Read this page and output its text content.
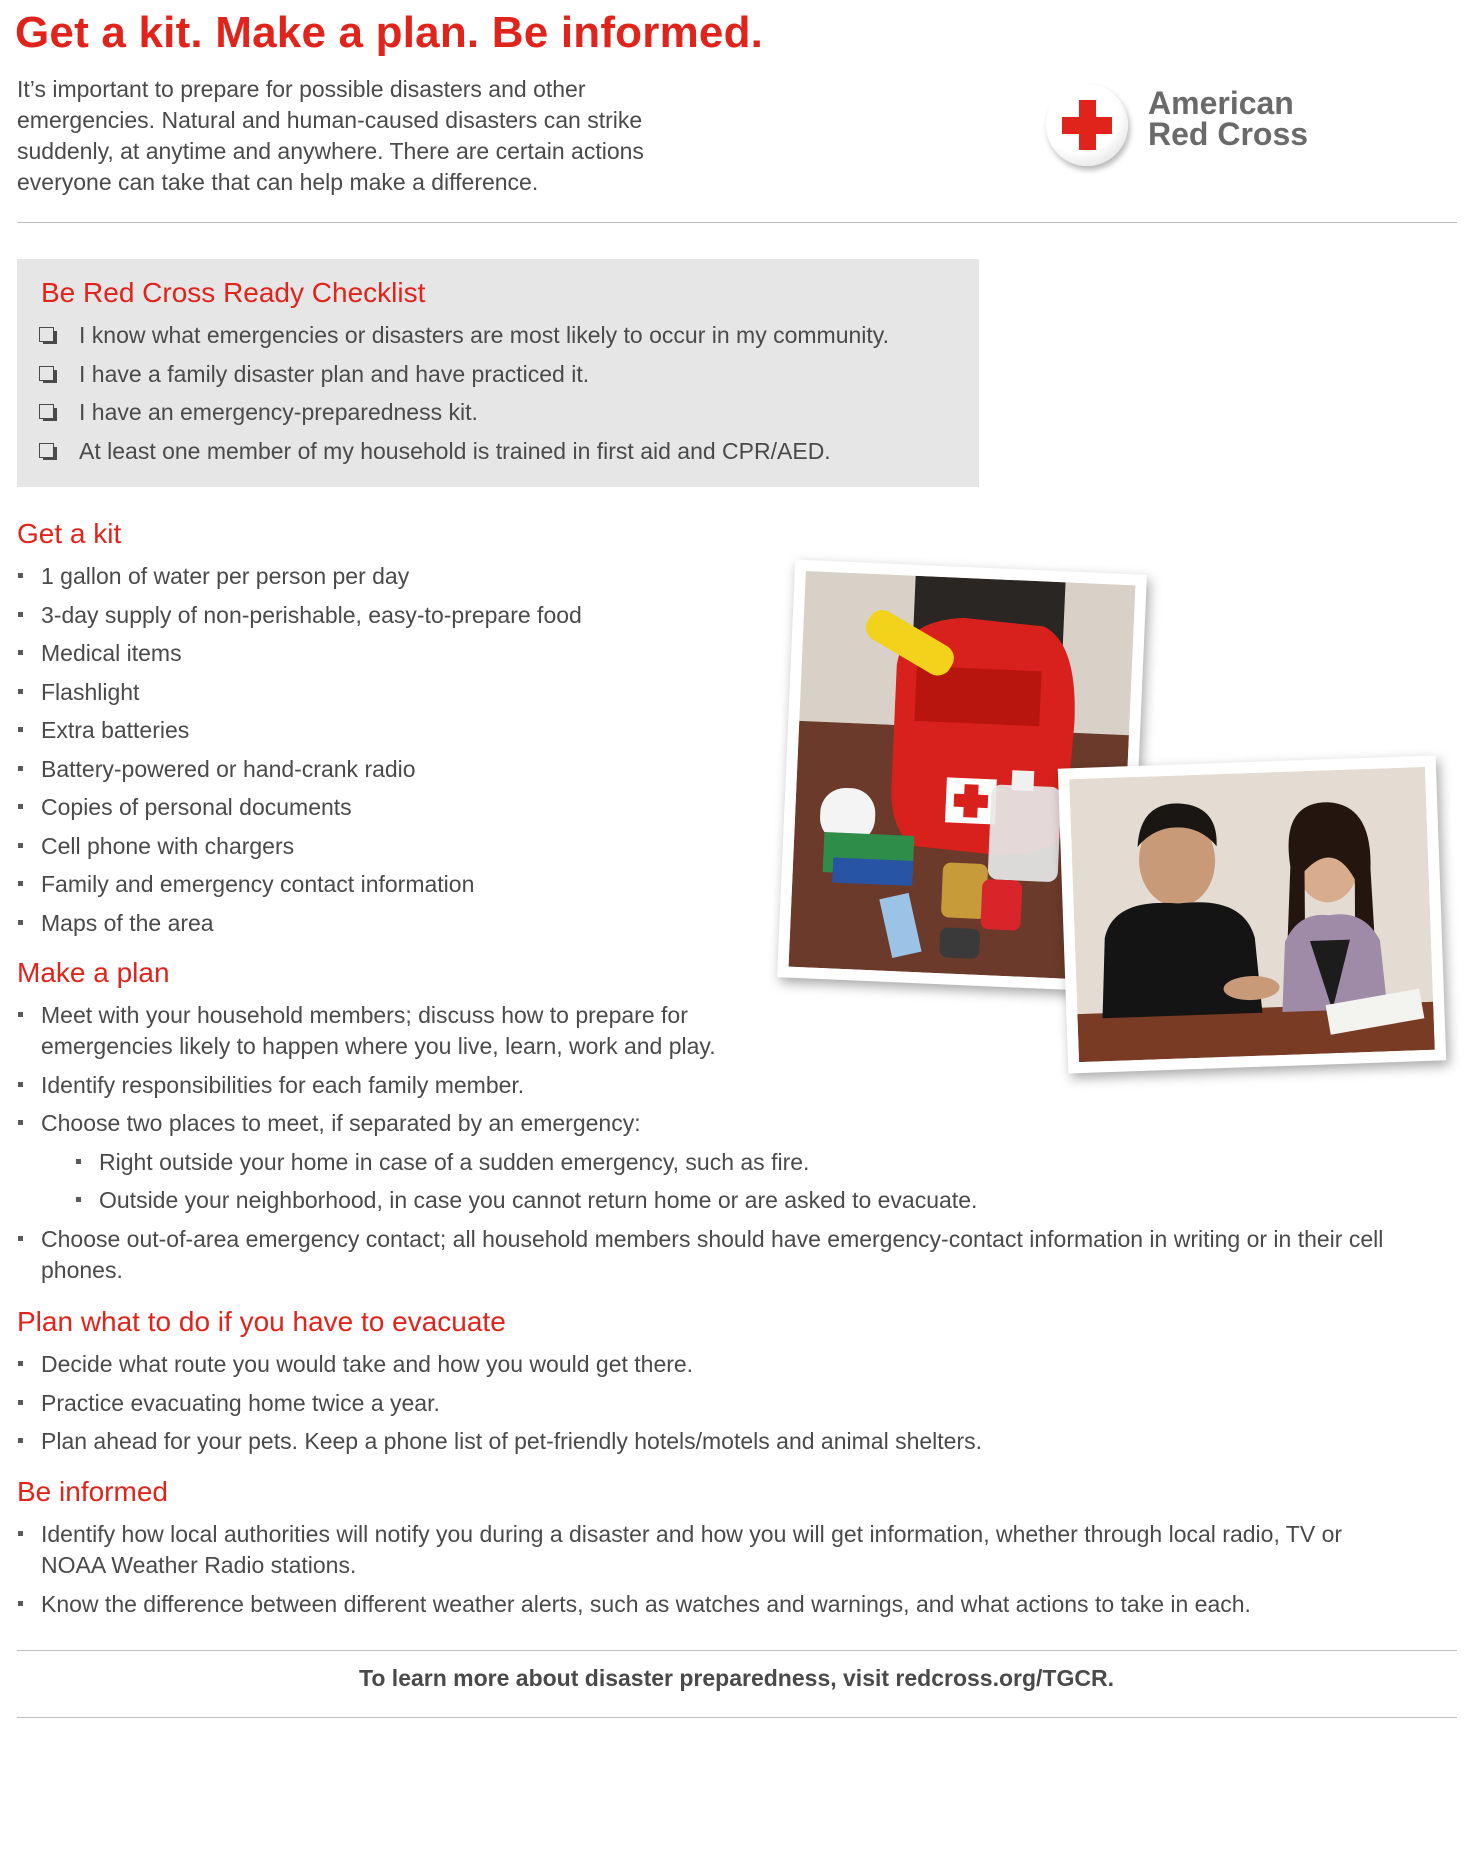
Get a kit. Make a plan. Be informed.

It’s important to prepare for possible disasters and other emergencies. Natural and human-caused disasters can strike suddenly, at anytime and anywhere. There are certain actions everyone can take that can help make a difference.

American
Red Cross
Be Red Cross Ready Checklist
I know what emergencies or disasters are most likely to occur in my community.
I have a family disaster plan and have practiced it.
I have an emergency-preparedness kit.
At least one member of my household is trained in first aid and CPR/AED.
Get a kit
1 gallon of water per person per day
3-day supply of non-perishable, easy-to-prepare food
Medical items
Flashlight
Extra batteries
Battery-powered or hand-crank radio
Copies of personal documents
Cell phone with chargers
Family and emergency contact information
Maps of the area
Make a plan
Meet with your household members; discuss how to prepare for emergencies likely to happen where you live, learn, work and play.
Identify responsibilities for each family member.
Choose two places to meet, if separated by an emergency:
Right outside your home in case of a sudden emergency, such as fire.
Outside your neighborhood, in case you cannot return home or are asked to evacuate.
Choose out-of-area emergency contact; all household members should have emergency-contact information in writing or in their cell phones.
Plan what to do if you have to evacuate
Decide what route you would take and how you would get there.
Practice evacuating home twice a year.
Plan ahead for your pets. Keep a phone list of pet-friendly hotels/motels and animal shelters.
Be informed
Identify how local authorities will notify you during a disaster and how you will get information, whether through local radio, TV or NOAA Weather Radio stations.
Know the difference between different weather alerts, such as watches and warnings, and what actions to take in each.
To learn more about disaster preparedness, visit redcross.org/TGCR.
